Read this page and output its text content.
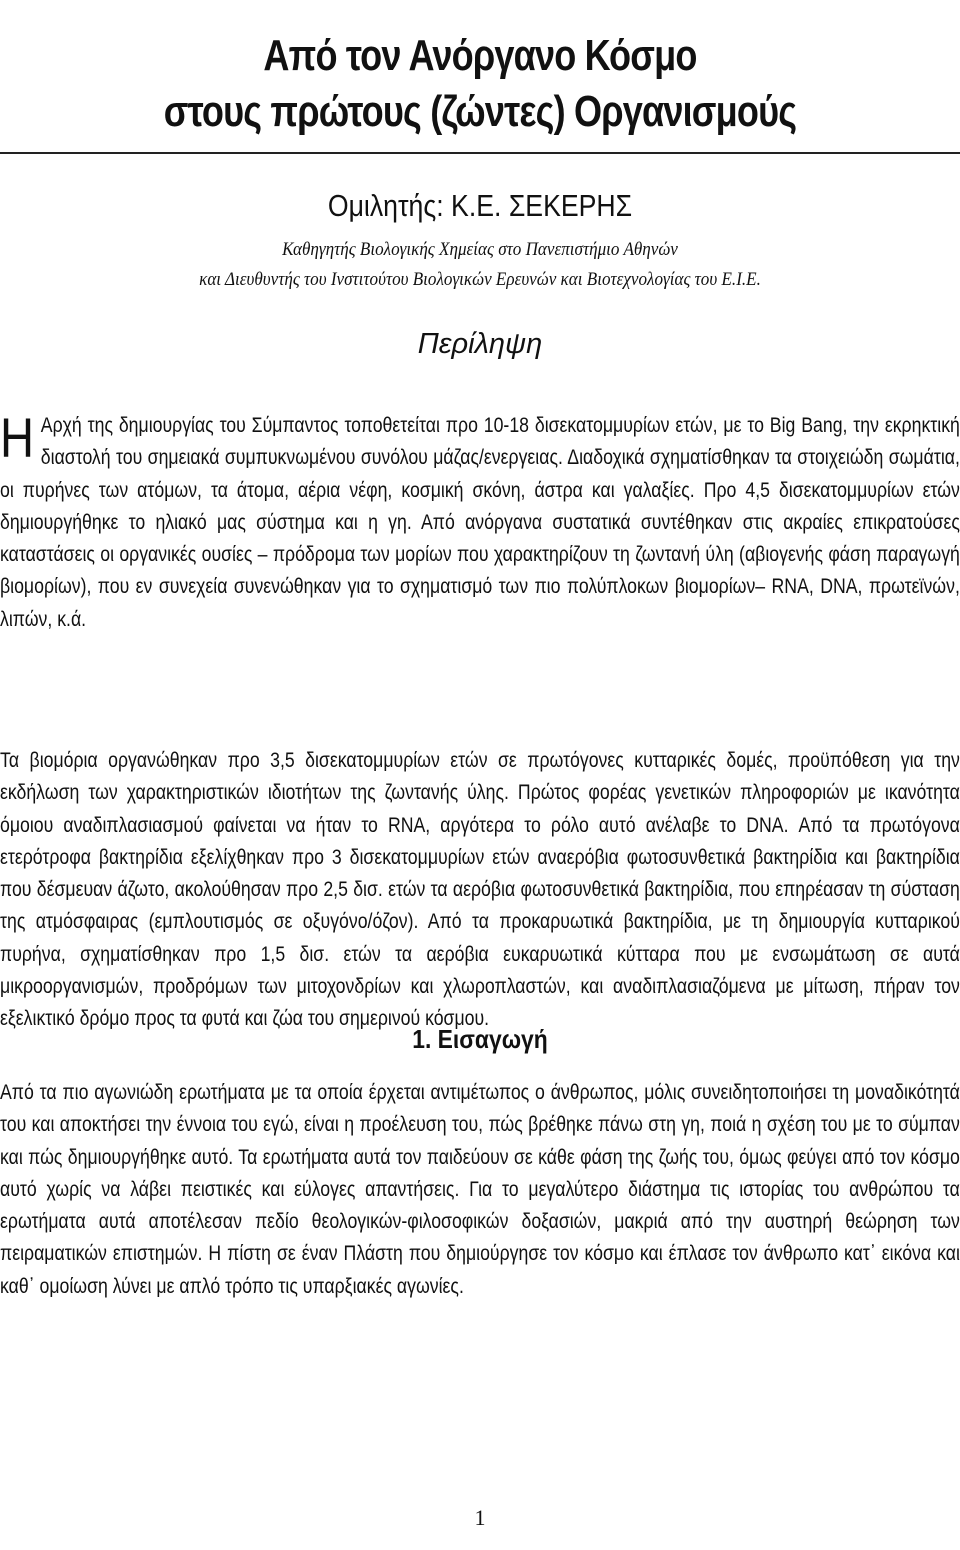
Από τον Ανόργανο Κόσμο
στους πρώτους (ζώντες) Οργανισμούς
Ομιλητής: Κ.Ε. ΣΕΚΕΡΗΣ
Καθηγητής Βιολογικής Χημείας στο Πανεπιστήμιο Αθηνών
και Διευθυντής του Ινστιτούτου Βιολογικών Ερευνών και Βιοτεχνολογίας του Ε.Ι.Ε.
Περίληψη
Η Αρχή της δημιουργίας του Σύμπαντος τοποθετείται προ 10-18 δισεκατομμυρίων ετών, με το Big Bang, την εκρηκτική διαστολή του σημειακά συμπυκνωμένου συνόλου μάζας/ενεργειας. Διαδοχικά σχηματίσθηκαν τα στοιχειώδη σωμάτια, οι πυρήνες των ατόμων, τα άτομα, αέρια νέφη, κοσμική σκόνη, άστρα και γαλαξίες. Προ 4,5 δισεκατομμυρίων ετών δημιουργήθηκε το ηλιακό μας σύστημα και η γη. Από ανόργανα συστατικά συντέθηκαν στις ακραίες επικρατούσες καταστάσεις οι οργανικές ουσίες – πρόδρομα των μορίων που χαρακτηρίζουν τη ζωντανή ύλη (αβιογενής φάση παραγωγή βιομορίων), που εν συνεχεία συνενώθηκαν για το σχηματισμό των πιο πολύπλοκων βιομορίων– RNA, DNA, πρωτεϊνών, λιπών, κ.ά.
Τα βιομόρια οργανώθηκαν προ 3,5 δισεκατομμυρίων ετών σε πρωτόγονες κυτταρικές δομές, προϋπόθεση για την εκδήλωση των χαρακτηριστικών ιδιοτήτων της ζωντανής ύλης. Πρώτος φορέας γενετικών πληροφοριών με ικανότητα όμοιου αναδιπλασιασμού φαίνεται να ήταν το RNA, αργότερα το ρόλο αυτό ανέλαβε το DNA. Από τα πρωτόγονα ετερότροφα βακτηρίδια εξελίχθηκαν προ 3 δισεκατομμυρίων ετών αναερόβια φωτοσυνθετικά βακτηρίδια και βακτηρίδια που δέσμευαν άζωτο, ακολούθησαν προ 2,5 δισ. ετών τα αερόβια φωτοσυνθετικά βακτηρίδια, που επηρέασαν τη σύσταση της ατμόσφαιρας (εμπλουτισμός σε οξυγόνο/όζον). Από τα προκαρυωτικά βακτηρίδια, με τη δημιουργία κυτταρικού πυρήνα, σχηματίσθηκαν προ 1,5 δισ. ετών τα αερόβια ευκαρυωτικά κύτταρα που με ενσωμάτωση σε αυτά μικροοργανισμών, προδρόμων των μιτοχονδρίων και χλωροπλαστών, και αναδιπλασιαζόμενα με μίτωση, πήραν τον εξελικτικό δρόμο προς τα φυτά και ζώα του σημερινού κόσμου.
1. Εισαγωγή
Από τα πιο αγωνιώδη ερωτήματα με τα οποία έρχεται αντιμέτωπος ο άνθρωπος, μόλις συνειδητοποιήσει τη μοναδικότητά του και αποκτήσει την έννοια του εγώ, είναι η προέλευση του, πώς βρέθηκε πάνω στη γη, ποιά η σχέση του με το σύμπαν και πώς δημιουργήθηκε αυτό. Τα ερωτήματα αυτά τον παιδεύουν σε κάθε φάση της ζωής του, όμως φεύγει από τον κόσμο αυτό χωρίς να λάβει πειστικές και εύλογες απαντήσεις. Για το μεγαλύτερο διάστημα τις ιστορίας του ανθρώπου τα ερωτήματα αυτά αποτέλεσαν πεδίο θεολογικών-φιλοσοφικών δοξασιών, μακριά από την αυστηρή θεώρηση των πειραματικών επιστημών. Η πίστη σε έναν Πλάστη που δημιούργησε τον κόσμο και έπλασε τον άνθρωπο κατ᾽ εικόνα και καθ᾽ ομοίωση λύνει με απλό τρόπο τις υπαρξιακές αγωνίες.
1
